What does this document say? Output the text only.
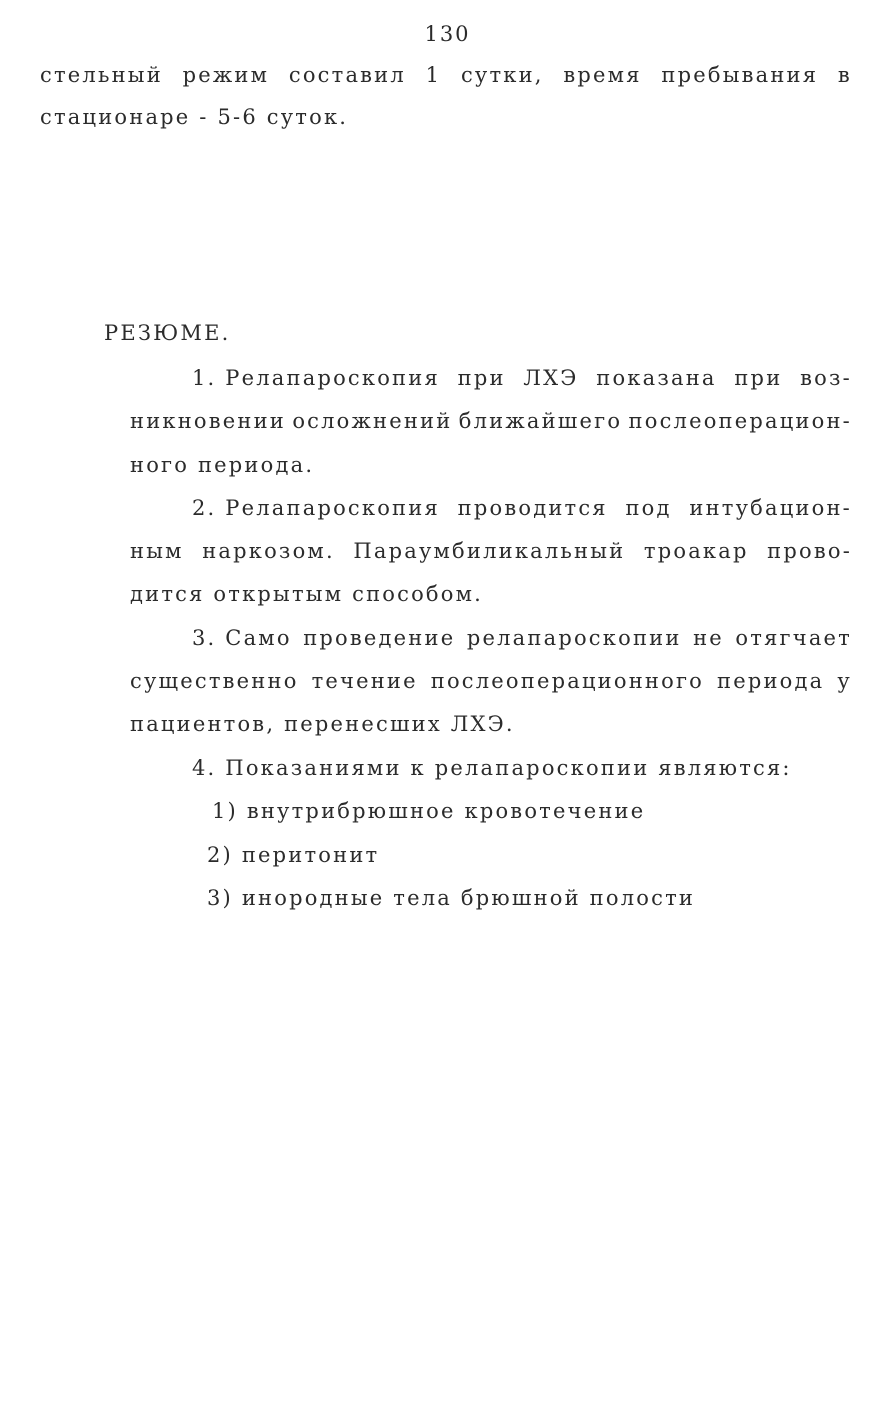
130
стельный режим составил 1 сутки, время пребывания в
стационаре - 5-6 суток.
РЕЗЮМЕ.
1. Релапароскопия при ЛХЭ показана при воз-
никновении осложнений ближайшего послеоперацион-
ного периода.
2. Релапароскопия проводится под интубацион-
ным наркозом. Параумбиликальный троакар прово-
дится открытым способом.
3. Само проведение релапароскопии не отягчает
существенно течение послеоперационного периода у
пациентов, перенесших ЛХЭ.
4. Показаниями к релапароскопии являются:
1) внутрибрюшное кровотечение
2) перитонит
3) инородные тела брюшной полости
